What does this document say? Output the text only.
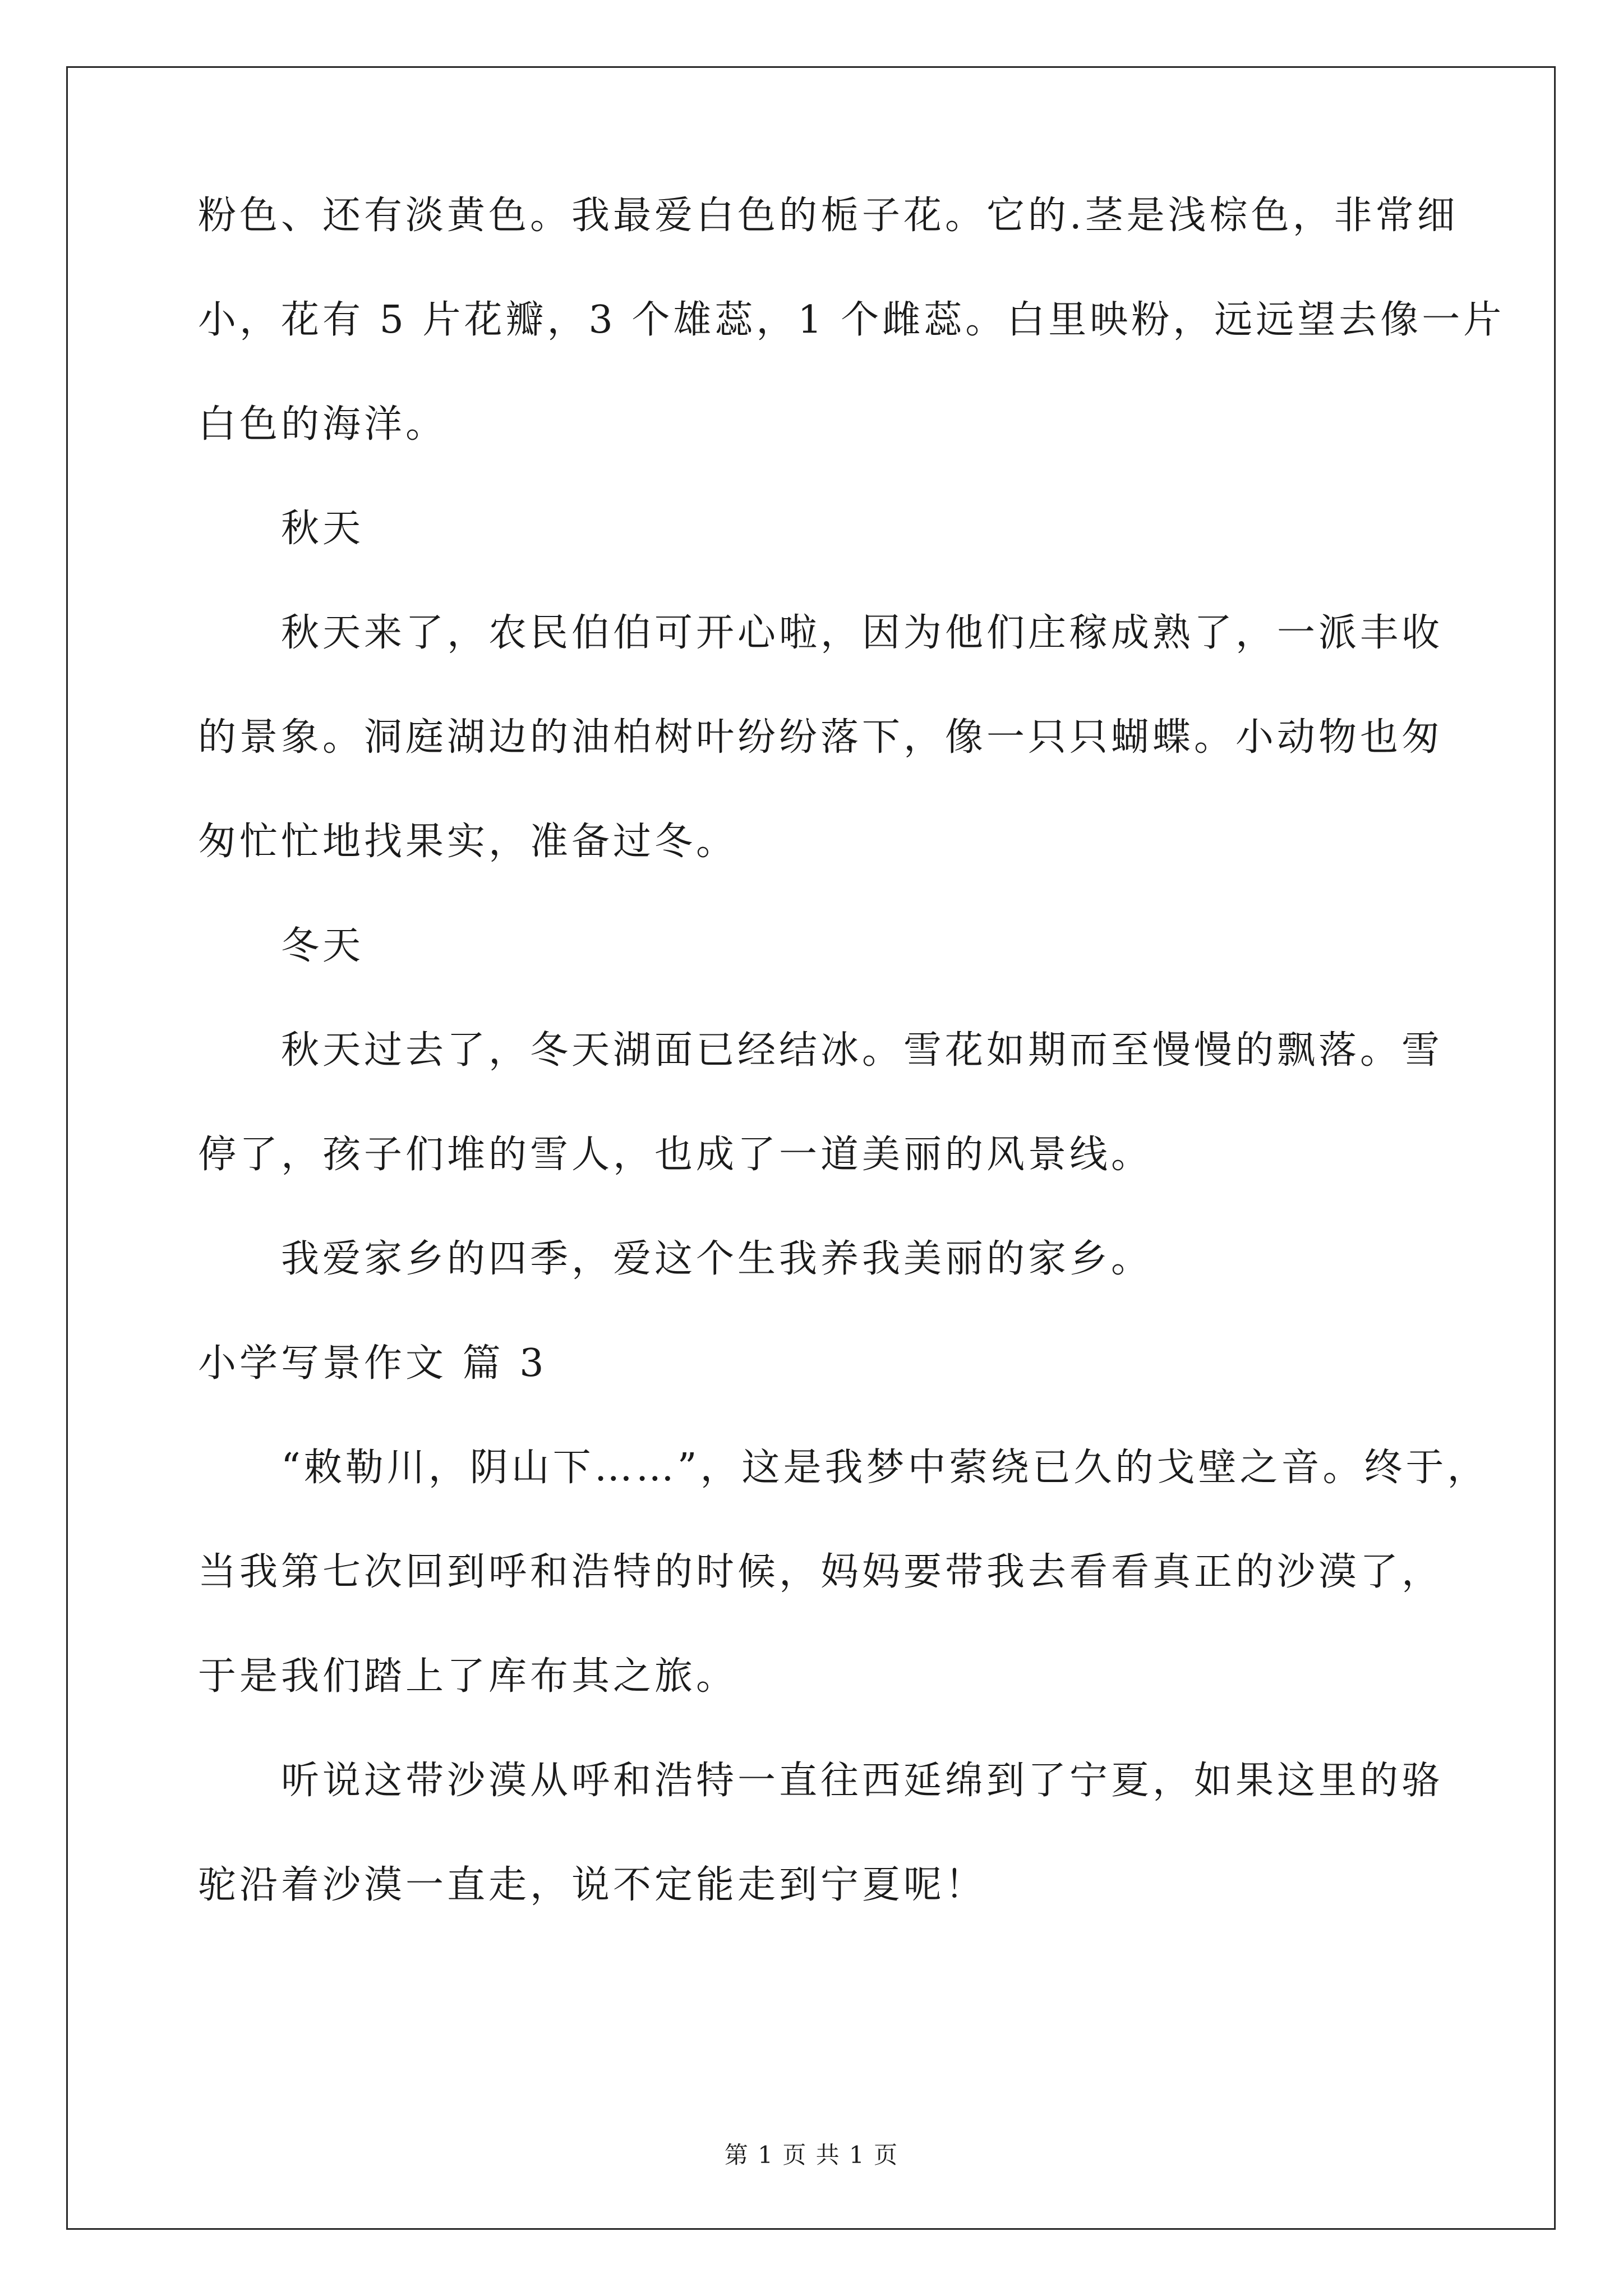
粉色、还有淡黄色。我最爱白色的栀子花。它的.茎是浅棕色，非常细
小，花有 5 片花瓣，3 个雄蕊，1 个雌蕊。白里映粉，远远望去像一片
白色的海洋。
秋天
秋天来了，农民伯伯可开心啦，因为他们庄稼成熟了，一派丰收
的景象。洞庭湖边的油柏树叶纷纷落下，像一只只蝴蝶。小动物也匆
匆忙忙地找果实，准备过冬。
冬天
秋天过去了，冬天湖面已经结冰。雪花如期而至慢慢的飘落。雪
停了，孩子们堆的雪人，也成了一道美丽的风景线。
我爱家乡的四季，爱这个生我养我美丽的家乡。
小学写景作文 篇 3
“敕勒川，阴山下……”，这是我梦中萦绕已久的戈壁之音。终于，
当我第七次回到呼和浩特的时候，妈妈要带我去看看真正的沙漠了，
于是我们踏上了库布其之旅。
听说这带沙漠从呼和浩特一直往西延绵到了宁夏，如果这里的骆
驼沿着沙漠一直走，说不定能走到宁夏呢！
第 1 页 共 1 页
